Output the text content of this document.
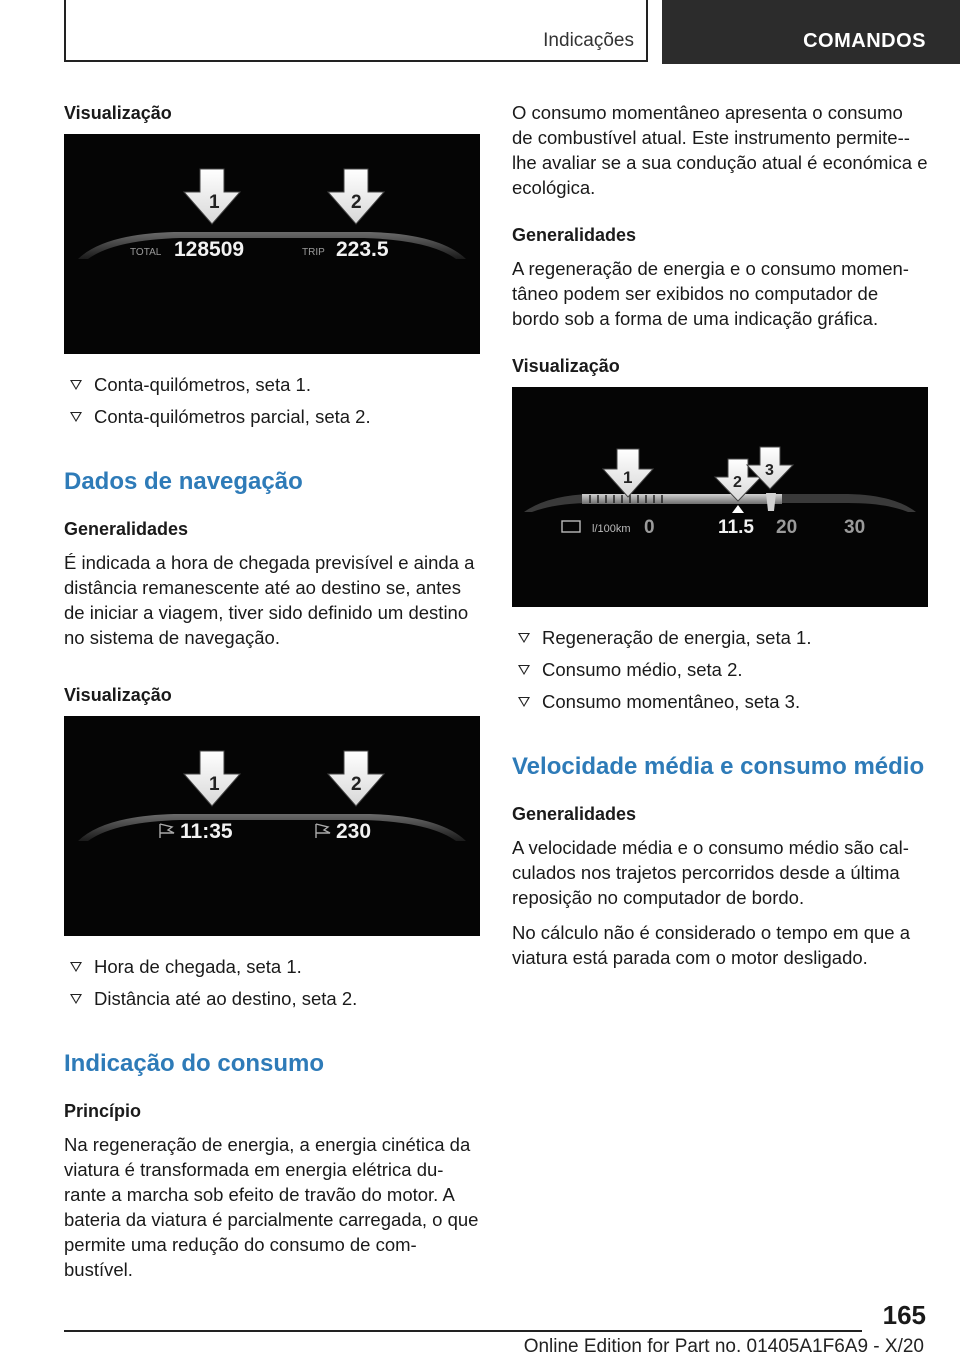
Indicações	COMANDOS
Visualização
1	2
TOTAL 128509	TRIP 223.5
Conta-quilómetros, seta 1.
Conta-quilómetros parcial, seta 2.
Dados de navegação
Generalidades

É indicada a hora de chegada previsível e ainda a distância remanescente até ao destino se, antes de iniciar a viagem, tiver sido definido um destino no sistema de navegação.

Visualização
1	2
11:35	230
Hora de chegada, seta 1.
Distância até ao destino, seta 2.
Indicação do consumo
Princípio

Na regeneração de energia, a energia cinética da viatura é transformada em energia elétrica du-rante a marcha sob efeito de travão do motor. A bateria da viatura é parcialmente carregada, o que permite uma redução do consumo de com-bustível.

O consumo momentâneo apresenta o consumo de combustível atual. Este instrumento permite--lhe avaliar se a sua condução atual é económica e ecológica.

Generalidades

A regeneração de energia e o consumo momen-tâneo podem ser exibidos no computador de bordo sob a forma de uma indicação gráfica.

Visualização
1	2
3
l/100km 0	11.5 20 30
Regeneração de energia, seta 1.
Consumo médio, seta 2.
Consumo momentâneo, seta 3.
Velocidade média e consumo médio
Generalidades

A velocidade média e o consumo médio são cal-culados nos trajetos percorridos desde a última reposição no computador de bordo.

No cálculo não é considerado o tempo em que a viatura está parada com o motor desligado.

165
Online Edition for Part no. 01405A1F6A9 - X/20
